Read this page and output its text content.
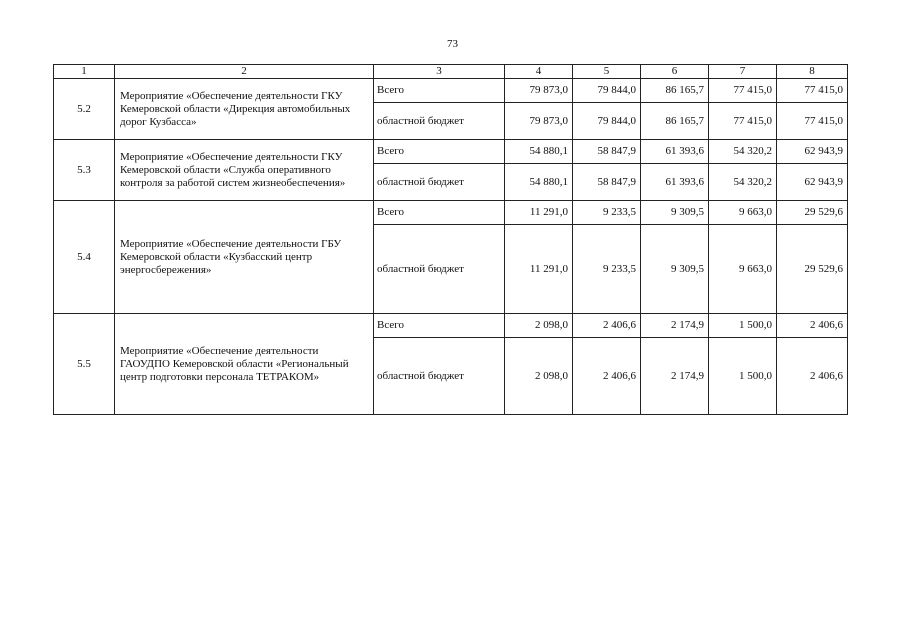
73
1	2	3	4	5	6	7	8
5.2	Мероприятие «Обеспечение деятельности ГКУ Кемеровской области «Дирекция автомобильных дорог Кузбасса»	Всего	79 873,0	79 844,0	86 165,7	77 415,0	77 415,0
		областной бюджет	79 873,0	79 844,0	86 165,7	77 415,0	77 415,0
5.3	Мероприятие «Обеспечение деятельности ГКУ Кемеровской области «Служба оперативного контроля за работой систем жизнеобеспечения»	Всего	54 880,1	58 847,9	61 393,6	54 320,2	62 943,9
		областной бюджет	54 880,1	58 847,9	61 393,6	54 320,2	62 943,9
5.4	Мероприятие «Обеспечение деятельности ГБУ Кемеровской области «Кузбасский центр энергосбережения»	Всего	11 291,0	9 233,5	9 309,5	9 663,0	29 529,6
		областной бюджет	11 291,0	9 233,5	9 309,5	9 663,0	29 529,6
5.5	Мероприятие «Обеспечение деятельности ГАОУДПО Кемеровской области «Региональный центр подготовки персонала ТЕТРАКОМ»	Всего	2 098,0	2 406,6	2 174,9	1 500,0	2 406,6
		областной бюджет	2 098,0	2 406,6	2 174,9	1 500,0	2 406,6
